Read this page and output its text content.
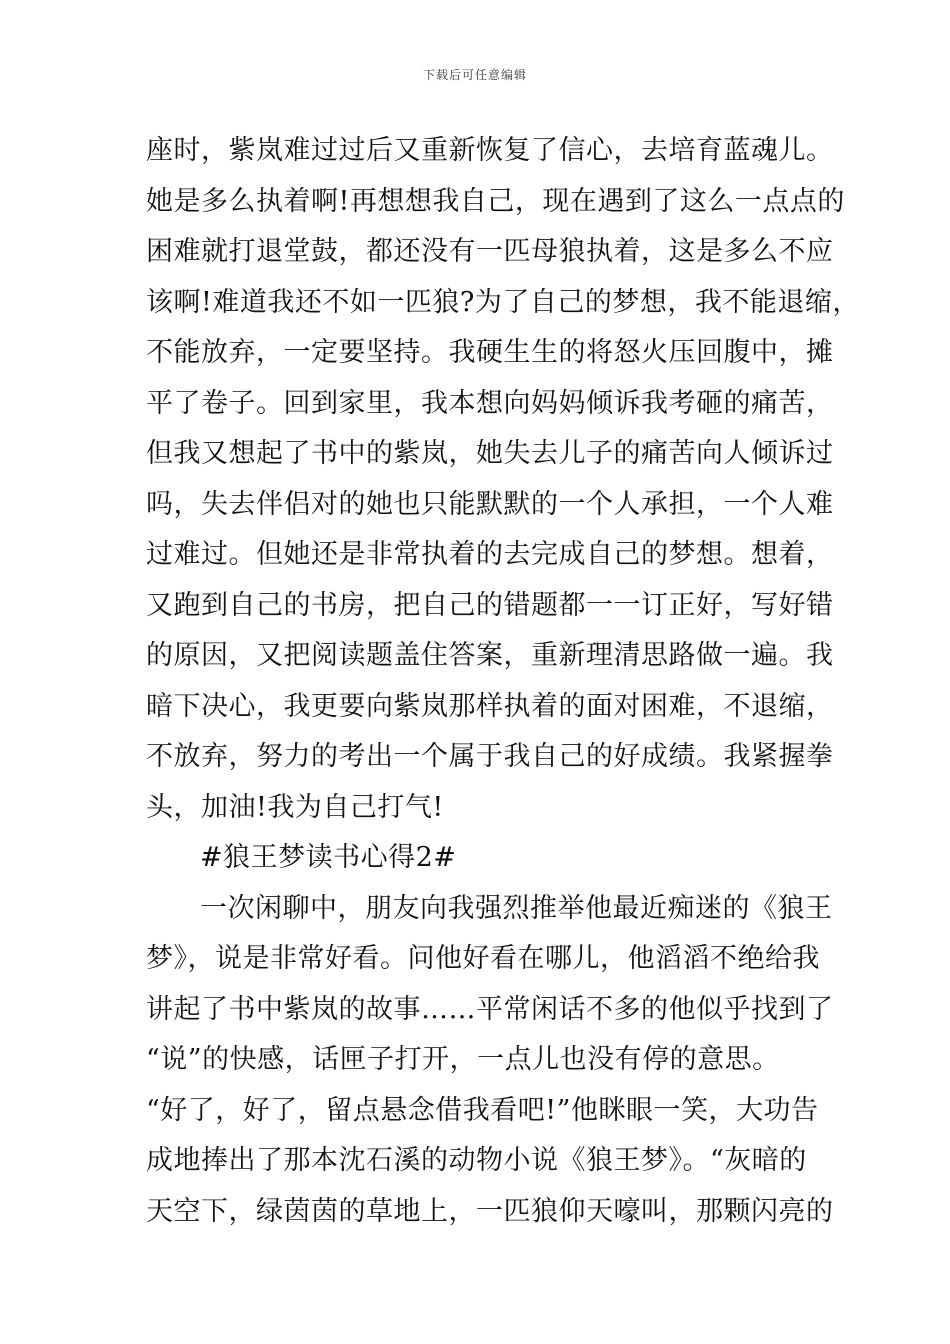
下载后可任意编辑
座时，紫岚难过过后又重新恢复了信心，去培育蓝魂儿。
她是多么执着啊!再想想我自己，现在遇到了这么一点点的
困难就打退堂鼓，都还没有一匹母狼执着，这是多么不应
该啊!难道我还不如一匹狼?为了自己的梦想，我不能退缩，
不能放弃，一定要坚持。我硬生生的将怒火压回腹中，摊
平了卷子。回到家里，我本想向妈妈倾诉我考砸的痛苦，
但我又想起了书中的紫岚，她失去儿子的痛苦向人倾诉过
吗，失去伴侣对的她也只能默默的一个人承担，一个人难
过难过。但她还是非常执着的去完成自己的梦想。想着，
又跑到自己的书房，把自己的错题都一一订正好，写好错
的原因，又把阅读题盖住答案，重新理清思路做一遍。我
暗下决心，我更要向紫岚那样执着的面对困难，不退缩，
不放弃，努力的考出一个属于我自己的好成绩。我紧握拳
头，加油!我为自己打气!
#狼王梦读书心得2#
一次闲聊中，朋友向我强烈推举他最近痴迷的《狼王
梦》，说是非常好看。问他好看在哪儿，他滔滔不绝给我
讲起了书中紫岚的故事……平常闲话不多的他似乎找到了
“说”的快感，话匣子打开，一点儿也没有停的意思。
“好了，好了，留点悬念借我看吧!”他眯眼一笑，大功告
成地捧出了那本沈石溪的动物小说《狼王梦》。“灰暗的
天空下，绿茵茵的草地上，一匹狼仰天嚎叫，那颗闪亮的
